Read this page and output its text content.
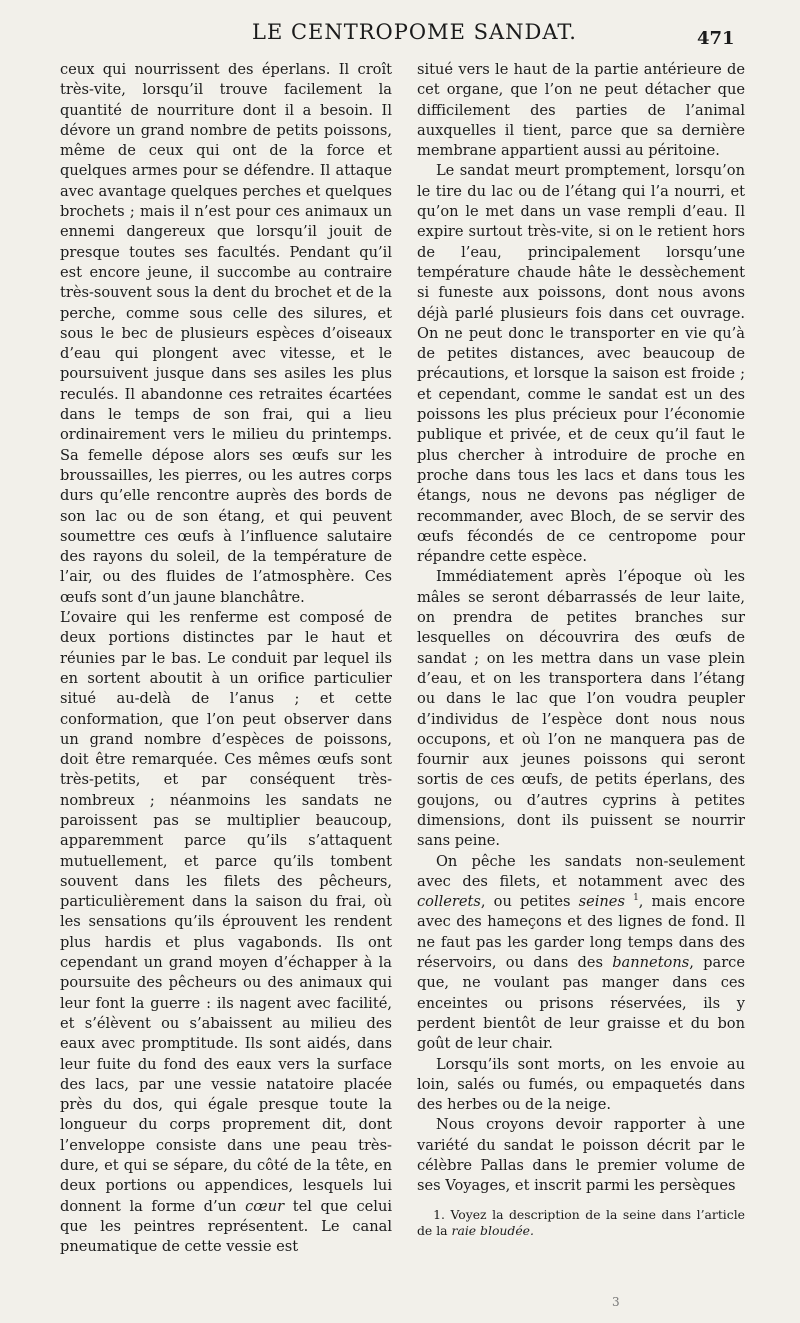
LE CENTROPOME SANDAT.	471

ceux qui nourrissent des éperlans. Il croît très-vite, lorsqu’il trouve facilement la quantité de nourriture dont il a besoin. Il dévore un grand nombre de petits poissons, même de ceux qui ont de la force et quelques armes pour se défendre. Il attaque avec avantage quelques perches et quelques brochets ; mais il n’est pour ces animaux un ennemi dangereux que lorsqu’il jouit de presque toutes ses facultés. Pendant qu’il est encore jeune, il succombe au contraire très-souvent sous la dent du brochet et de la perche, comme sous celle des silures, et sous le bec de plusieurs espèces d’oiseaux d’eau qui plongent avec vitesse, et le poursuivent jusque dans ses asiles les plus reculés. Il abandonne ces retraites écartées dans le temps de son frai, qui a lieu ordinairement vers le milieu du printemps. Sa femelle dépose alors ses œufs sur les broussailles, les pierres, ou les autres corps durs qu’elle rencontre auprès des bords de son lac ou de son étang, et qui peuvent soumettre ces œufs à l’influence salutaire des rayons du soleil, de la température de l’air, ou des fluides de l’atmosphère. Ces œufs sont d’un jaune blanchâtre.

L’ovaire qui les renferme est composé de deux portions distinctes par le haut et réunies par le bas. Le conduit par lequel ils en sortent aboutit à un orifice particulier situé au-delà de l’anus ; et cette conformation, que l’on peut observer dans un grand nombre d’espèces de poissons, doit être remarquée. Ces mêmes œufs sont très-petits, et par conséquent très-nombreux ; néanmoins les sandats ne paroissent pas se multiplier beaucoup, apparemment parce qu’ils s’attaquent mutuellement, et parce qu’ils tombent souvent dans les filets des pêcheurs, particulièrement dans la saison du frai, où les sensations qu’ils éprouvent les rendent plus hardis et plus vagabonds. Ils ont cependant un grand moyen d’échapper à la poursuite des pêcheurs ou des animaux qui leur font la guerre : ils nagent avec facilité, et s’élèvent ou s’abaissent au milieu des eaux avec promptitude. Ils sont aidés, dans leur fuite du fond des eaux vers la surface des lacs, par une vessie natatoire placée près du dos, qui égale presque toute la longueur du corps proprement dit, dont l’enveloppe consiste dans une peau très-dure, et qui se sépare, du côté de la tête, en deux portions ou appendices, lesquels lui donnent la forme d’un cœur tel que celui que les peintres représentent. Le canal pneumatique de cette vessie est

situé vers le haut de la partie antérieure de cet organe, que l’on ne peut détacher que difficilement des parties de l’animal auxquelles il tient, parce que sa dernière membrane appartient aussi au péritoine.

Le sandat meurt promptement, lorsqu’on le tire du lac ou de l’étang qui l’a nourri, et qu’on le met dans un vase rempli d’eau. Il expire surtout très-vite, si on le retient hors de l’eau, principalement lorsqu’une température chaude hâte le dessèchement si funeste aux poissons, dont nous avons déjà parlé plusieurs fois dans cet ouvrage. On ne peut donc le transporter en vie qu’à de petites distances, avec beaucoup de précautions, et lorsque la saison est froide ; et cependant, comme le sandat est un des poissons les plus précieux pour l’économie publique et privée, et de ceux qu’il faut le plus chercher à introduire de proche en proche dans tous les lacs et dans tous les étangs, nous ne devons pas négliger de recommander, avec Bloch, de se servir des œufs fécondés de ce centropome pour répandre cette espèce.

Immédiatement après l’époque où les mâles se seront débarrassés de leur laite, on prendra de petites branches sur lesquelles on découvrira des œufs de sandat ; on les mettra dans un vase plein d’eau, et on les transportera dans l’étang ou dans le lac que l’on voudra peupler d’individus de l’espèce dont nous nous occupons, et où l’on ne manquera pas de fournir aux jeunes poissons qui seront sortis de ces œufs, de petits éperlans, des goujons, ou d’autres cyprins à petites dimensions, dont ils puissent se nourrir sans peine.

On pêche les sandats non-seulement avec des filets, et notamment avec des collerets, ou petites seines $^1$, mais encore avec des hameçons et des lignes de fond. Il ne faut pas les garder long temps dans des réservoirs, ou dans des bannetons, parce que, ne voulant pas manger dans ces enceintes ou prisons réservées, ils y perdent bientôt de leur graisse et du bon goût de leur chair.

Lorsqu’ils sont morts, on les envoie au loin, salés ou fumés, ou empaquetés dans des herbes ou de la neige.

Nous croyons devoir rapporter à une variété du sandat le poisson décrit par le célèbre Pallas dans le premier volume de ses Voyages, et inscrit parmi les persèques

1. Voyez la description de la seine dans l’article de la raie bloudée.
3
